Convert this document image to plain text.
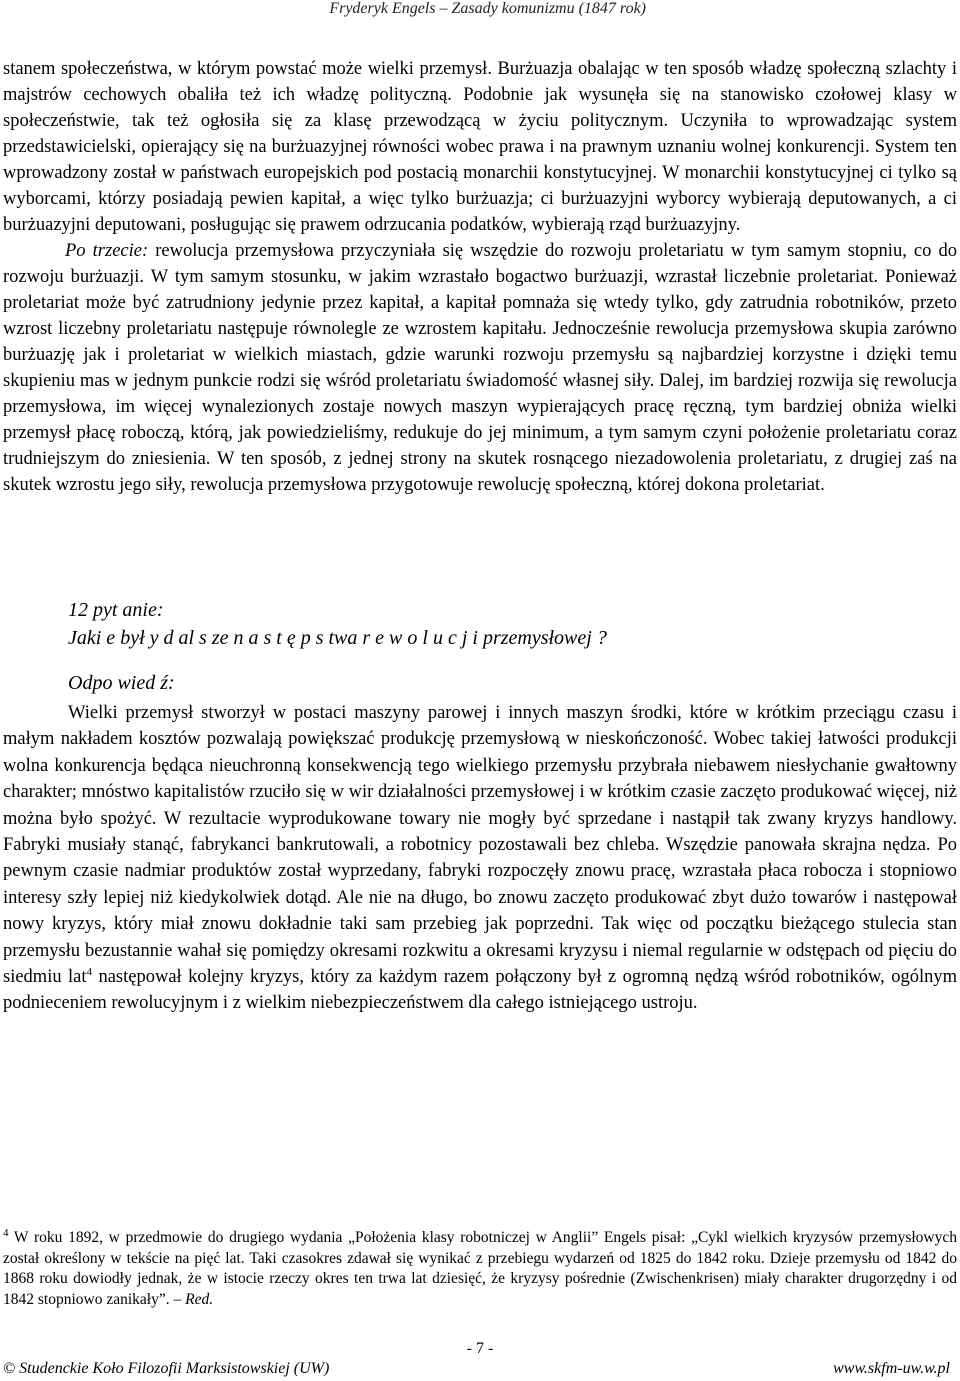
Fryderyk Engels – Zasady komunizmu (1847 rok)

stanem społeczeństwa, w którym powstać może wielki przemysł. Burżuazja obalając w ten sposób władzę społeczną szlachty i majstrów cechowych obaliła też ich władzę polityczną. Podobnie jak wysunęła się na stanowisko czołowej klasy w społeczeństwie, tak też ogłosiła się za klasę przewodzącą w życiu politycznym. Uczyniła to wprowadzając system przedstawicielski, opierający się na burżuazyjnej równości wobec prawa i na prawnym uznaniu wolnej konkurencji. System ten wprowadzony został w państwach europejskich pod postacią monarchii konstytucyjnej. W monarchii konstytucyjnej ci tylko są wyborcami, którzy posiadają pewien kapitał, a więc tylko burżuazja; ci burżuazyjni wyborcy wybierają deputowanych, a ci burżuazyjni deputowani, posługując się prawem odrzucania podatków, wybierają rząd burżuazyjny.

Po trzecie: rewolucja przemysłowa przyczyniała się wszędzie do rozwoju proletariatu w tym samym stopniu, co do rozwoju burżuazji. W tym samym stosunku, w jakim wzrastało bogactwo burżuazji, wzrastał liczebnie proletariat. Ponieważ proletariat może być zatrudniony jedynie przez kapitał, a kapitał pomnaża się wtedy tylko, gdy zatrudnia robotników, przeto wzrost liczebny proletariatu następuje równolegle ze wzrostem kapitału. Jednocześnie rewolucja przemysłowa skupia zarówno burżuazję jak i proletariat w wielkich miastach, gdzie warunki rozwoju przemysłu są najbardziej korzystne i dzięki temu skupieniu mas w jednym punkcie rodzi się wśród proletariatu świadomość własnej siły. Dalej, im bardziej rozwija się rewolucja przemysłowa, im więcej wynalezionych zostaje nowych maszyn wypierających pracę ręczną, tym bardziej obniża wielki przemysł płacę roboczą, którą, jak powiedzieliśmy, redukuje do jej minimum, a tym samym czyni położenie proletariatu coraz trudniejszym do zniesienia. W ten sposób, z jednej strony na skutek rosnącego niezadowolenia proletariatu, z drugiej zaś na skutek wzrostu jego siły, rewolucja przemysłowa przygotowuje rewolucję społeczną, której dokona proletariat.

12 pyt anie:
Jaki e był y d al s ze n a s t ę p s twa r e w o l u c j i przemysłowej ?
Odpo wied ź:

Wielki przemysł stworzył w postaci maszyny parowej i innych maszyn środki, które w krótkim przeciągu czasu i małym nakładem kosztów pozwalają powiększać produkcję przemysłową w nieskończoność. Wobec takiej łatwości produkcji wolna konkurencja będąca nieuchronną konsekwencją tego wielkiego przemysłu przybrała niebawem niesłychanie gwałtowny charakter; mnóstwo kapitalistów rzuciło się w wir działalności przemysłowej i w krótkim czasie zaczęto produkować więcej, niż można było spożyć. W rezultacie wyprodukowane towary nie mogły być sprzedane i nastąpił tak zwany kryzys handlowy. Fabryki musiały stanąć, fabrykanci bankrutowali, a robotnicy pozostawali bez chleba. Wszędzie panowała skrajna nędza. Po pewnym czasie nadmiar produktów został wyprzedany, fabryki rozpoczęły znowu pracę, wzrastała płaca robocza i stopniowo interesy szły lepiej niż kiedykolwiek dotąd. Ale nie na długo, bo znowu zaczęto produkować zbyt dużo towarów i następował nowy kryzys, który miał znowu dokładnie taki sam przebieg jak poprzedni. Tak więc od początku bieżącego stulecia stan przemysłu bezustannie wahał się pomiędzy okresami rozkwitu a okresami kryzysu i niemal regularnie w odstępach od pięciu do siedmiu lat$^4$ następował kolejny kryzys, który za każdym razem połączony był z ogromną nędzą wśród robotników, ogólnym podnieceniem rewolucyjnym i z wielkim niebezpieczeństwem dla całego istniejącego ustroju.

$^4$ W roku 1892, w przedmowie do drugiego wydania „Położenia klasy robotniczej w Anglii” Engels pisał: „Cykl wielkich kryzysów przemysłowych został określony w tekście na pięć lat. Taki czasokres zdawał się wynikać z przebiegu wydarzeń od 1825 do 1842 roku. Dzieje przemysłu od 1842 do 1868 roku dowiodły jednak, że w istocie rzeczy okres ten trwa lat dziesięć, że kryzysy pośrednie (Zwischenkrisen) miały charakter drugorzędny i od 1842 stopniowo zanikały”. – Red.
- 7 -
© Studenckie Koło Filozofii Marksistowskiej (UW)	www.skfm-uw.w.pl
